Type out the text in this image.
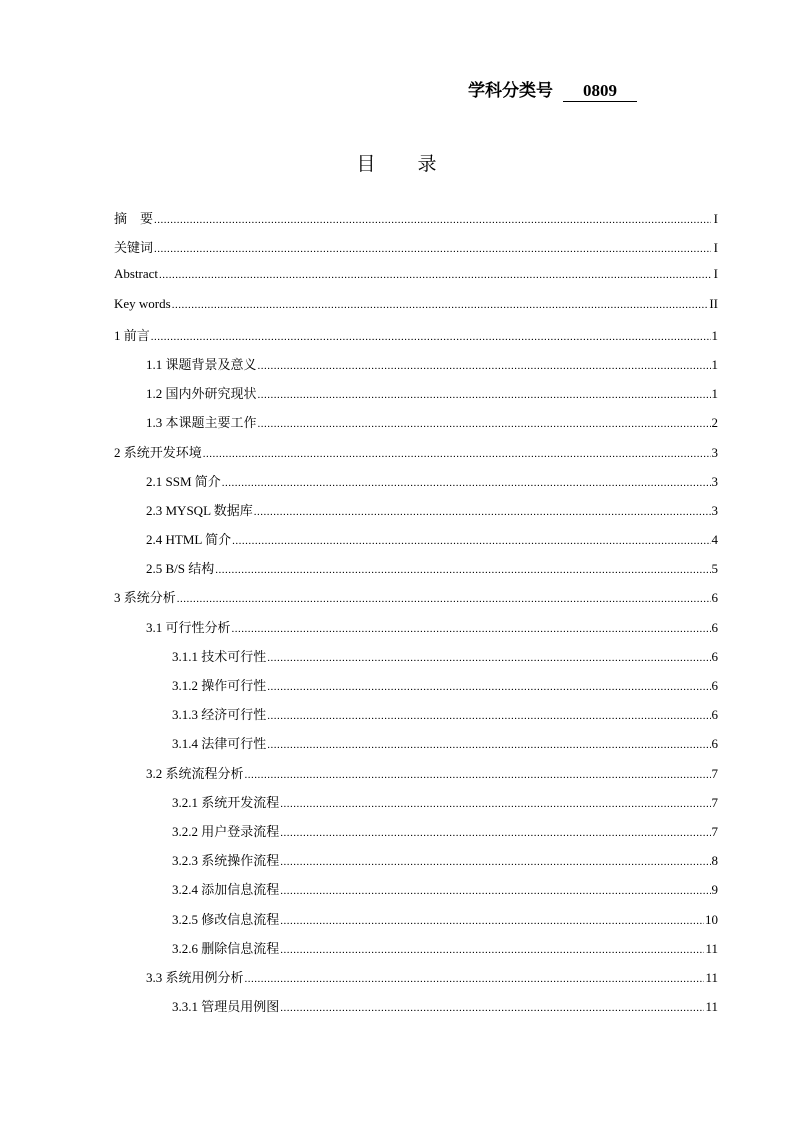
学科分类号 0809
目 录
摘　要 .....	I
关键词 .....	I
Abstract .....	I
Key words .....	II
1 前言 .....	1
1.1 课题背景及意义 .....	1
1.2 国内外研究现状 .....	1
1.3 本课题主要工作 .....	2
2 系统开发环境 .....	3
2.1 SSM 简介 .....	3
2.3 MYSQL 数据库 .....	3
2.4 HTML 简介 .....	4
2.5 B/S 结构 .....	5
3 系统分析 .....	6
3.1 可行性分析 .....	6
3.1.1 技术可行性 .....	6
3.1.2 操作可行性 .....	6
3.1.3 经济可行性 .....	6
3.1.4 法律可行性 .....	6
3.2 系统流程分析 .....	7
3.2.1 系统开发流程 .....	7
3.2.2 用户登录流程 .....	7
3.2.3 系统操作流程 .....	8
3.2.4 添加信息流程 .....	9
3.2.5 修改信息流程 .....	10
3.2.6 删除信息流程 .....	11
3.3 系统用例分析 .....	11
3.3.1 管理员用例图 .....	11
